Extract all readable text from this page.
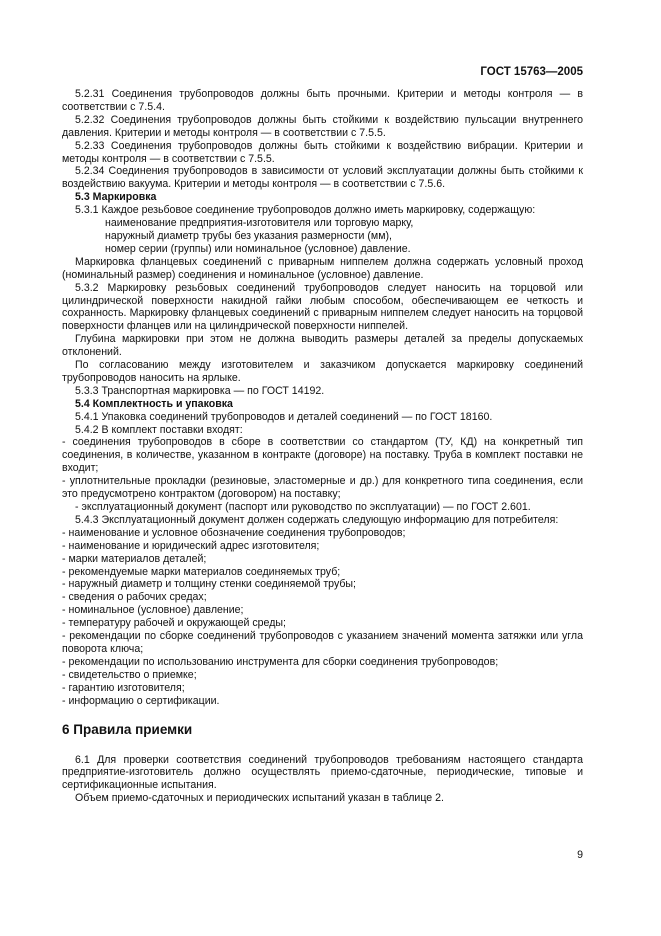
ГОСТ 15763—2005

5.2.31 Соединения трубопроводов должны быть прочными. Критерии и методы контроля — в соответствии с 7.5.4.

5.2.32 Соединения трубопроводов должны быть стойкими к воздействию пульсации внутреннего давления. Критерии и методы контроля — в соответствии с 7.5.5.

5.2.33 Соединения трубопроводов должны быть стойкими к воздействию вибрации. Критерии и методы контроля — в соответствии с 7.5.5.

5.2.34 Соединения трубопроводов в зависимости от условий эксплуатации должны быть стойкими к воздействию вакуума. Критерии и методы контроля — в соответствии с 7.5.6.

5.3 Маркировка

5.3.1 Каждое резьбовое соединение трубопроводов должно иметь маркировку, содержащую:

наименование предприятия-изготовителя или торговую марку,

наружный диаметр трубы без указания размерности (мм),

номер серии (группы) или номинальное (условное) давление.

Маркировка фланцевых соединений с приварным ниппелем должна содержать условный проход (номинальный размер) соединения и номинальное (условное) давление.

5.3.2 Маркировку резьбовых соединений трубопроводов следует наносить на торцовой или цилиндрической поверхности накидной гайки любым способом, обеспечивающем ее четкость и сохранность. Маркировку фланцевых соединений с приварным ниппелем следует наносить на торцовой поверхности фланцев или на цилиндрической поверхности ниппелей.

Глубина маркировки при этом не должна выводить размеры деталей за пределы допускаемых отклонений.

По согласованию между изготовителем и заказчиком допускается маркировку соединений трубопроводов наносить на ярлыке.

5.3.3 Транспортная маркировка — по ГОСТ 14192.

5.4 Комплектность и упаковка

5.4.1 Упаковка соединений трубопроводов и деталей соединений — по ГОСТ 18160.

5.4.2 В комплект поставки входят:

- соединения трубопроводов в сборе в соответствии со стандартом (ТУ, КД) на конкретный тип соединения, в количестве, указанном в контракте (договоре) на поставку. Труба в комплект поставки не входит;

- уплотнительные прокладки (резиновые, эластомерные и др.) для конкретного типа соединения, если это предусмотрено контрактом (договором) на поставку;

- эксплуатационный документ (паспорт или руководство по эксплуатации) — по ГОСТ 2.601.

5.4.3 Эксплуатационный документ должен содержать следующую информацию для потребителя:

- наименование и условное обозначение соединения трубопроводов;

- наименование и юридический адрес изготовителя;

- марки материалов деталей;

- рекомендуемые марки материалов соединяемых труб;

- наружный диаметр и толщину стенки соединяемой трубы;

- сведения о рабочих средах;

- номинальное (условное) давление;

- температуру рабочей и окружающей среды;

- рекомендации по сборке соединений трубопроводов с указанием значений момента затяжки или угла поворота ключа;

- рекомендации по использованию инструмента для сборки соединения трубопроводов;

- свидетельство о приемке;

- гарантию изготовителя;

- информацию о сертификации.

6 Правила приемки

6.1 Для проверки соответствия соединений трубопроводов требованиям настоящего стандарта предприятие-изготовитель должно осуществлять приемо-сдаточные, периодические, типовые и сертификационные испытания.

Объем приемо-сдаточных и периодических испытаний указан в таблице 2.

9
